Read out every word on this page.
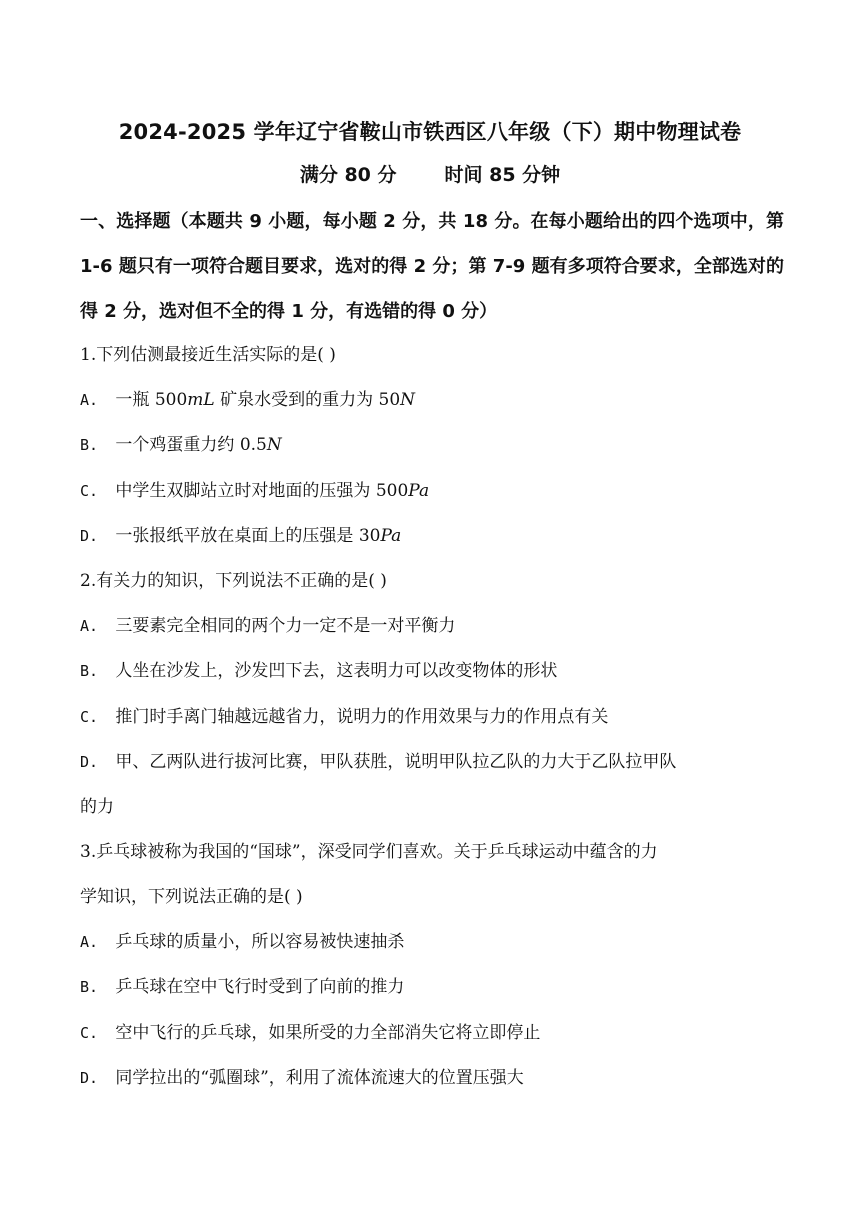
2024-2025 学年辽宁省鞍山市铁西区八年级（下）期中物理试卷
满分 80 分	时间 85 分钟
一、选择题（本题共 9 小题，每小题 2 分，共 18 分。在每小题给出的四个选项中，第 1-6 题只有一项符合题目要求，选对的得 2 分；第 7-9 题有多项符合要求，全部选对的得 2 分，选对但不全的得 1 分，有选错的得 0 分）
1.下列估测最接近生活实际的是( )
A. 一瓶 500mL 矿泉水受到的重力为 50N
B. 一个鸡蛋重力约 0.5N
C. 中学生双脚站立时对地面的压强为 500Pa
D. 一张报纸平放在桌面上的压强是 30Pa
2.有关力的知识，下列说法不正确的是( )
A. 三要素完全相同的两个力一定不是一对平衡力
B. 人坐在沙发上，沙发凹下去，这表明力可以改变物体的形状
C. 推门时手离门轴越远越省力，说明力的作用效果与力的作用点有关
D. 甲、乙两队进行拔河比赛，甲队获胜，说明甲队拉乙队的力大于乙队拉甲队
的力
3.乒乓球被称为我国的“国球”，深受同学们喜欢。关于乒乓球运动中蕴含的力
学知识，下列说法正确的是( )
A. 乒乓球的质量小，所以容易被快速抽杀
B. 乒乓球在空中飞行时受到了向前的推力
C. 空中飞行的乒乓球，如果所受的力全部消失它将立即停止
D. 同学拉出的“弧圈球”，利用了流体流速大的位置压强大
